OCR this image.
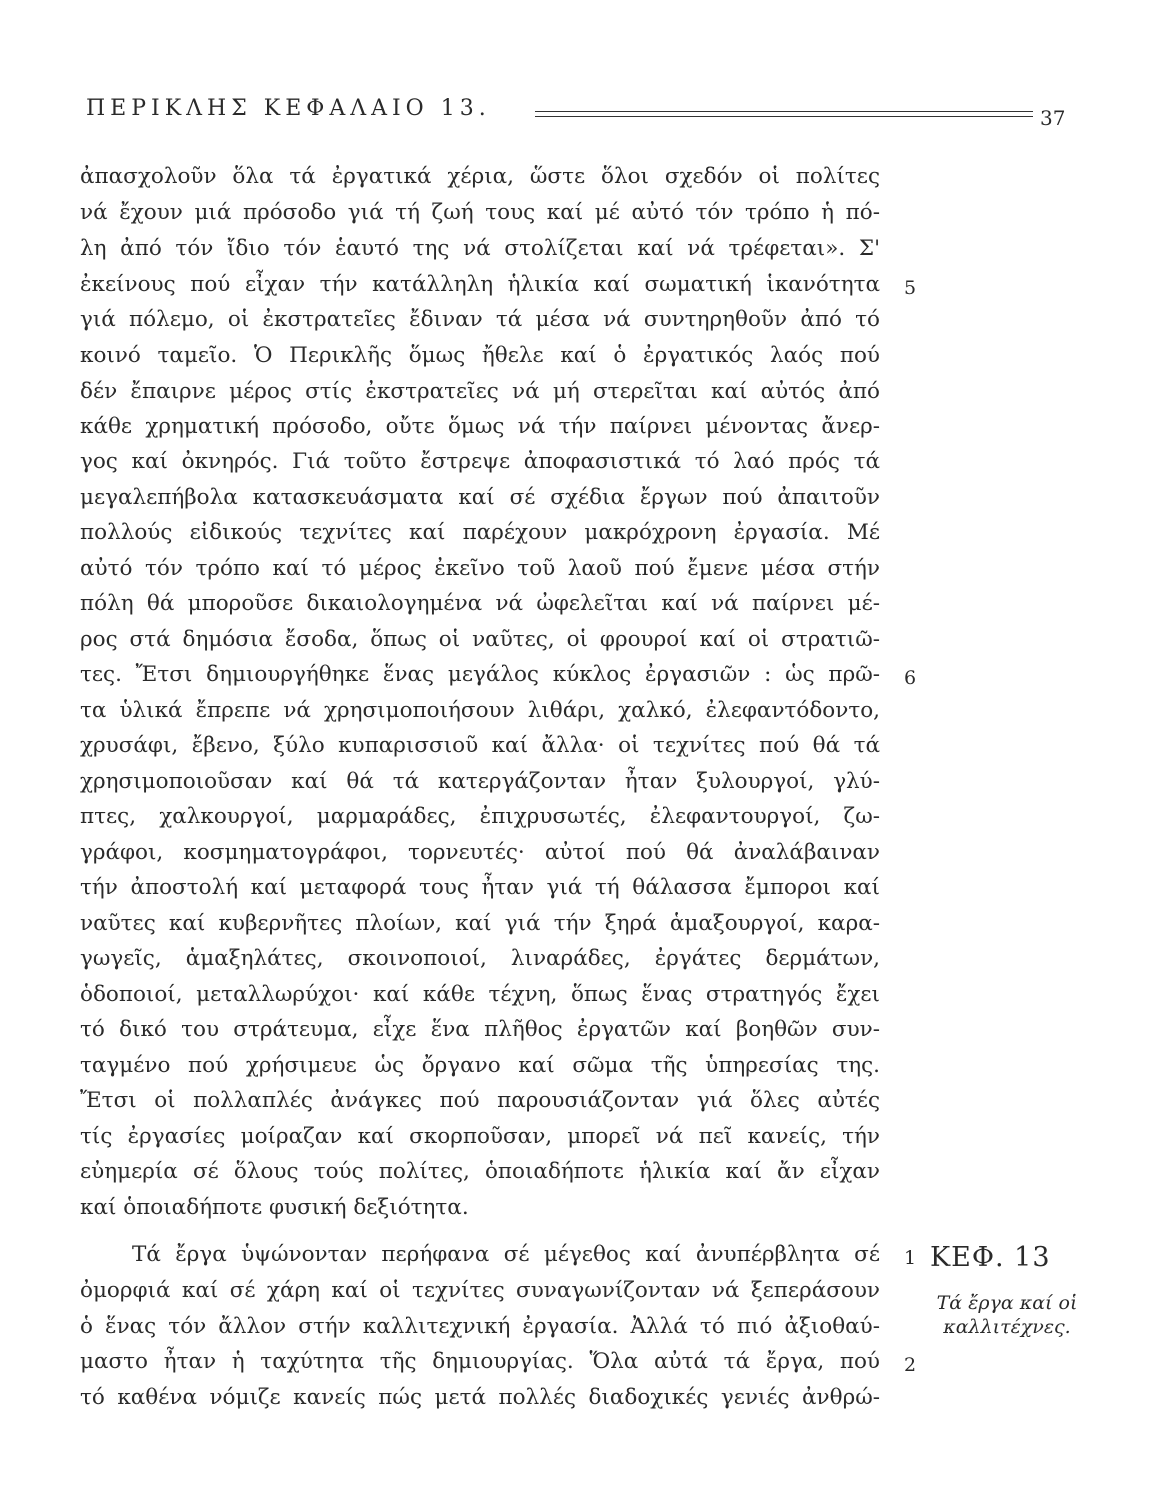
ΠΕΡΙΚΛΗΣ ΚΕΦΑΛΑΙΟ 13.	37
ἀπασχολοῦν ὅλα τά ἐργατικά χέρια, ὥστε ὅλοι σχεδόν οἱ πολίτες
νά ἔχουν μιά πρόσοδο γιά τή ζωή τους καί μέ αὐτό τόν τρόπο ἡ πό-
λη ἀπό τόν ἴδιο τόν ἑαυτό της νά στολίζεται καί νά τρέφεται». Σ'
ἐκείνους πού εἶχαν τήν κατάλληλη ἡλικία καί σωματική ἱκανότητα
γιά πόλεμο, οἱ ἐκστρατεῖες ἔδιναν τά μέσα νά συντηρηθοῦν ἀπό τό
κοινό ταμεῖο. Ὁ Περικλῆς ὅμως ἤθελε καί ὁ ἐργατικός λαός πού
δέν ἔπαιρνε μέρος στίς ἐκστρατεῖες νά μή στερεῖται καί αὐτός ἀπό
κάθε χρηματική πρόσοδο, οὔτε ὅμως νά τήν παίρνει μένοντας ἄνερ-
γος καί ὀκνηρός. Γιά τοῦτο ἔστρεψε ἀποφασιστικά τό λαό πρός τά
μεγαλεπήβολα κατασκευάσματα καί σέ σχέδια ἔργων πού ἀπαιτοῦν
πολλούς εἰδικούς τεχνίτες καί παρέχουν μακρόχρονη ἐργασία. Μέ
αὐτό τόν τρόπο καί τό μέρος ἐκεῖνο τοῦ λαοῦ πού ἔμενε μέσα στήν
πόλη θά μποροῦσε δικαιολογημένα νά ὠφελεῖται καί νά παίρνει μέ-
ρος στά δημόσια ἔσοδα, ὅπως οἱ ναῦτες, οἱ φρουροί καί οἱ στρατιῶ-
τες. Ἔτσι δημιουργήθηκε ἕνας μεγάλος κύκλος ἐργασιῶν : ὡς πρῶ-
τα ὑλικά ἔπρεπε νά χρησιμοποιήσουν λιθάρι, χαλκό, ἐλεφαντόδοντο,
χρυσάφι, ἔβενο, ξύλο κυπαρισσιοῦ καί ἄλλα· οἱ τεχνίτες πού θά τά
χρησιμοποιοῦσαν καί θά τά κατεργάζονταν ἦταν ξυλουργοί, γλύ-
πτες, χαλκουργοί, μαρμαράδες, ἐπιχρυσωτές, ἐλεφαντουργοί, ζω-
γράφοι, κοσμηματογράφοι, τορνευτές· αὐτοί πού θά ἀναλάβαιναν
τήν ἀποστολή καί μεταφορά τους ἦταν γιά τή θάλασσα ἔμποροι καί
ναῦτες καί κυβερνῆτες πλοίων, καί γιά τήν ξηρά ἁμαξουργοί, καρα-
γωγεῖς, ἁμαξηλάτες, σκοινοποιοί, λιναράδες, ἐργάτες δερμάτων,
ὁδοποιοί, μεταλλωρύχοι· καί κάθε τέχνη, ὅπως ἕνας στρατηγός ἔχει
τό δικό του στράτευμα, εἶχε ἕνα πλῆθος ἐργατῶν καί βοηθῶν συν-
ταγμένο πού χρήσιμευε ὡς ὄργανο καί σῶμα τῆς ὑπηρεσίας της.
Ἔτσι οἱ πολλαπλές ἀνάγκες πού παρουσιάζονταν γιά ὅλες αὐτές
τίς ἐργασίες μοίραζαν καί σκορποῦσαν, μπορεῖ νά πεῖ κανείς, τήν
εὐημερία σέ ὅλους τούς πολίτες, ὁποιαδήποτε ἡλικία καί ἄν εἶχαν
καί ὁποιαδήποτε φυσική δεξιότητα.
Τά ἔργα ὑψώνονταν περήφανα σέ μέγεθος καί ἀνυπέρβλητα σέ
ὀμορφιά καί σέ χάρη καί οἱ τεχνίτες συναγωνίζονταν νά ξεπεράσουν
ὁ ἕνας τόν ἄλλον στήν καλλιτεχνική ἐργασία. Ἀλλά τό πιό ἀξιοθαύ-
μαστο ἦταν ἡ ταχύτητα τῆς δημιουργίας. Ὅλα αὐτά τά ἔργα, πού
τό καθένα νόμιζε κανείς πώς μετά πολλές διαδοχικές γενιές ἀνθρώ-
5
6
1
2
ΚΕΦ. 13
Τά ἔργα καί οἱ
καλλιτέχνες.
